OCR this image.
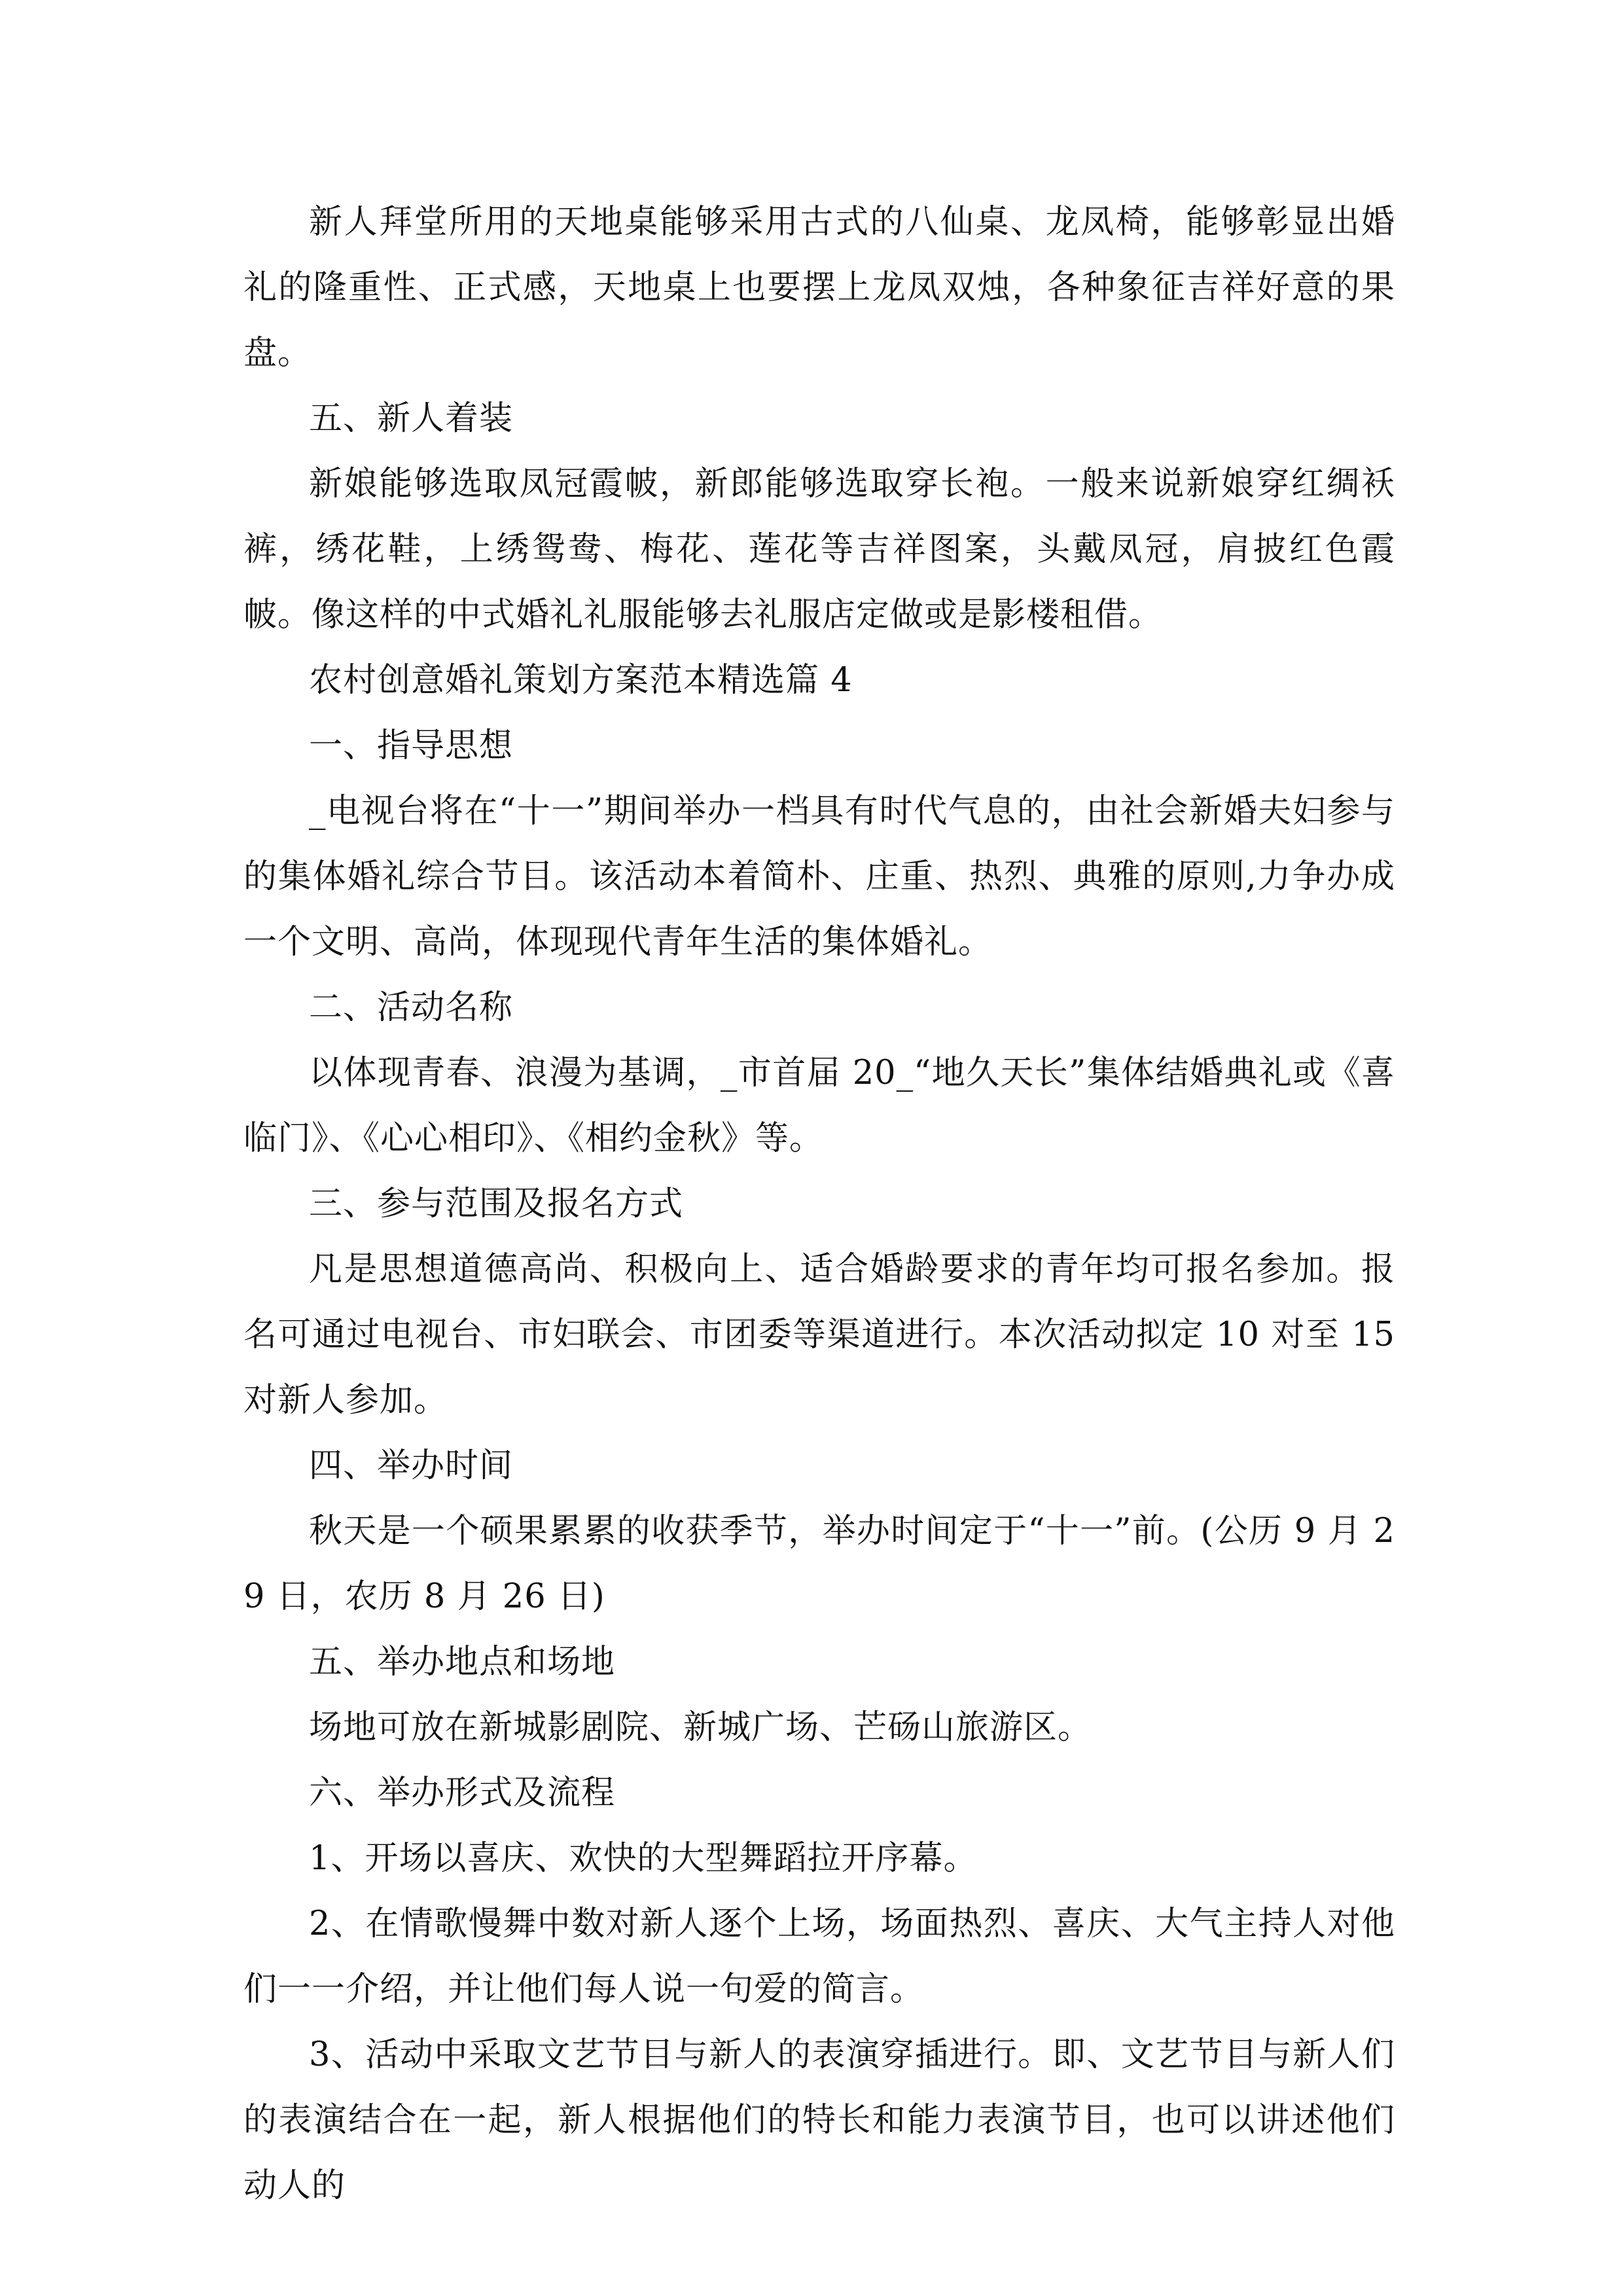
新人拜堂所用的天地桌能够采用古式的八仙桌、龙凤椅，能够彰显出婚礼的隆重性、正式感，天地桌上也要摆上龙凤双烛，各种象征吉祥好意的果盘。

五、新人着装

新娘能够选取凤冠霞帔，新郎能够选取穿长袍。一般来说新娘穿红绸袄裤，绣花鞋，上绣鸳鸯、梅花、莲花等吉祥图案，头戴凤冠，肩披红色霞帔。像这样的中式婚礼礼服能够去礼服店定做或是影楼租借。

农村创意婚礼策划方案范本精选篇 4

一、指导思想

_电视台将在“十一”期间举办一档具有时代气息的，由社会新婚夫妇参与的集体婚礼综合节目。该活动本着简朴、庄重、热烈、典雅的原则,力争办成一个文明、高尚，体现现代青年生活的集体婚礼。

二、活动名称

以体现青春、浪漫为基调，_市首届 20_“地久天长”集体结婚典礼或《喜临门》、《心心相印》、《相约金秋》等。

三、参与范围及报名方式

凡是思想道德高尚、积极向上、适合婚龄要求的青年均可报名参加。报名可通过电视台、市妇联会、市团委等渠道进行。本次活动拟定 10 对至 15 对新人参加。

四、举办时间

秋天是一个硕果累累的收获季节，举办时间定于“十一”前。(公历 9 月 29 日，农历 8 月 26 日)

五、举办地点和场地

场地可放在新城影剧院、新城广场、芒砀山旅游区。

六、举办形式及流程

1、开场以喜庆、欢快的大型舞蹈拉开序幕。

2、在情歌慢舞中数对新人逐个上场，场面热烈、喜庆、大气主持人对他们一一介绍，并让他们每人说一句爱的简言。

3、活动中采取文艺节目与新人的表演穿插进行。即、文艺节目与新人们的表演结合在一起，新人根据他们的特长和能力表演节目，也可以讲述他们动人的
